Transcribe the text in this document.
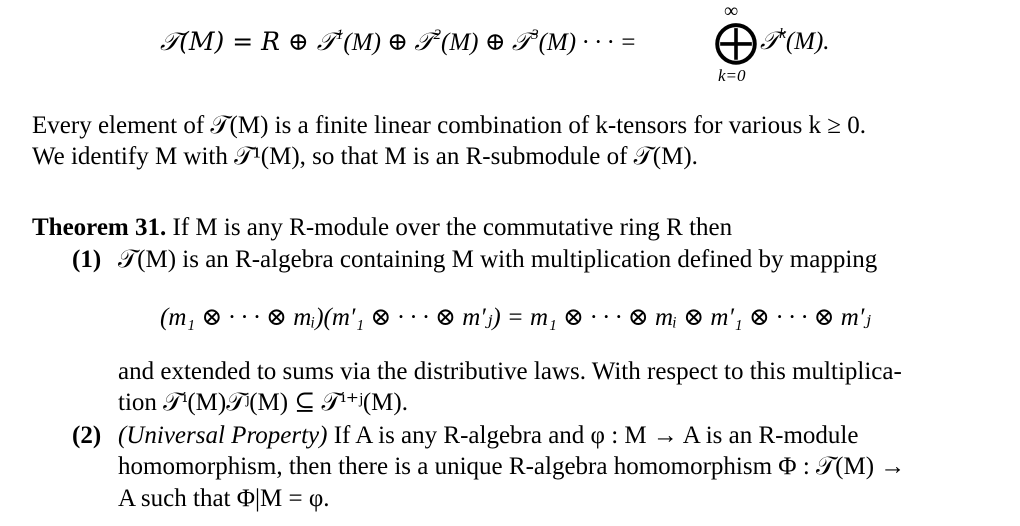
𝒯(M) = R ⊕ 𝒯$^1$(M) ⊕ 𝒯$^2$(M) ⊕ 𝒯$^3$(M) · · · =
∞
⨁
k=0
𝒯$^k$(M).
Every element of 𝒯(M) is a finite linear combination of k-tensors for various k ≥ 0.
We identify M with 𝒯¹(M), so that M is an R-submodule of 𝒯(M).
Theorem 31. If M is any R-module over the commutative ring R then
(1) 𝒯(M) is an R-algebra containing M with multiplication defined by mapping
(m₁ ⊗ · · · ⊗ mᵢ)(m′₁ ⊗ · · · ⊗ m′ⱼ) = m₁ ⊗ · · · ⊗ mᵢ ⊗ m′₁ ⊗ · · · ⊗ m′ⱼ
and extended to sums via the distributive laws. With respect to this multiplica-
tion 𝒯ⁱ(M)𝒯ʲ(M) ⊆ 𝒯ⁱ⁺ʲ(M).
(2) (Universal Property) If A is any R-algebra and φ : M → A is an R-module
homomorphism, then there is a unique R-algebra homomorphism Φ : 𝒯(M) →
A such that Φ|M = φ.
